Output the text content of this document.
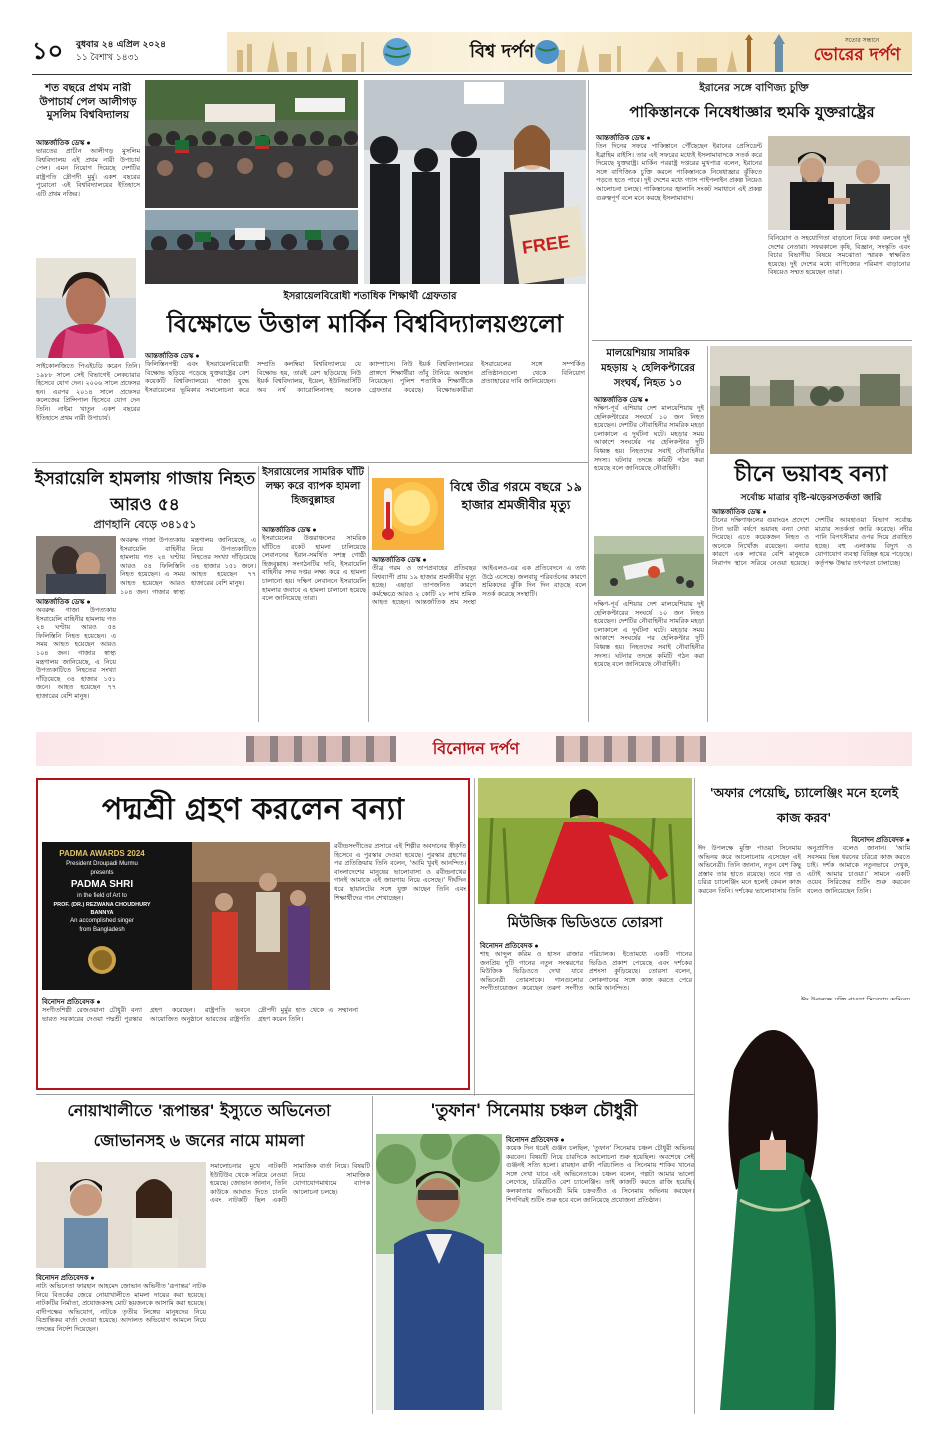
১০	বুধবার ২৪ এপ্রিল ২০২৪
১১ বৈশাখ ১৪৩১	বিশ্ব দর্পণ
সত্যের সন্ধানে
ভোরের দর্পণ
শত বছরে প্রথম নারী উপাচার্য পেল আলীগড় মুসলিম বিশ্ববিদ্যালয়
আন্তর্জাতিক ডেস্ক ●
ভারতের প্রাচীন আলীগড় মুসলিম বিশ্ববিদ্যালয় এই প্রথম নারী উপাচার্য পেল। এমন নিয়োগ দিয়েছে দেশটির রাষ্ট্রপতি দ্রৌপদী মুর্মু। একশ বছরের পুরোনো এই বিশ্ববিদ্যালয়ের ইতিহাসে এটি প্রথম নজির।
সাইকোলজিতে পিএইচডি করেন তিনি। ১৯৮৮ সালে সেই বিভাগেই লেকচারার হিসেবে যোগ দেন। ২০০৬ সালে প্রফেসর হন। এরপর ২০১৪ সালে প্রফেসর কলেজের প্রিন্সিপাল হিসেবে যোগ দেন তিনি। নাইমা খাতুন একশ বছরের ইতিহাসে প্রথম নারী উপাচার্য।
FREE
ইসরায়েলবিরোধী শতাধিক শিক্ষার্থী গ্রেফতার
বিক্ষোভে উত্তাল মার্কিন বিশ্ববিদ্যালয়গুলো
আন্তর্জাতিক ডেস্ক ●
ফিলিস্তিনপন্থী এবং ইসরায়েলবিরোধী বিক্ষোভ ছড়িয়ে পড়েছে যুক্তরাষ্ট্রের বেশ কয়েকটি বিশ্ববিদ্যালয়ে। গাজা যুদ্ধে ইসরায়েলের ভূমিকার সমালোচনা করে সম্প্রতি কলম্বিয়া বিশ্ববিদ্যালয়ে যে বিক্ষোভ হয়, তারই রেশ ছড়িয়েছে নিউ ইয়র্ক বিশ্ববিদ্যালয়, ইয়েল, ইউনিভার্সিটি অব নর্থ ক্যারোলিনাসহ অনেক ক্যাম্পাসে। নিউ ইয়র্ক বিশ্ববিদ্যালয়ের প্রাঙ্গণে শিক্ষার্থীরা তাঁবু টানিয়ে অবস্থান নিয়েছেন। পুলিশ শতাধিক শিক্ষার্থীকে গ্রেফতার করেছে। বিক্ষোভকারীরা ইসরায়েলের সঙ্গে সম্পর্কিত প্রতিষ্ঠানগুলো থেকে বিনিয়োগ প্রত্যাহারের দাবি জানিয়েছেন।
ইরানের সঙ্গে বাণিজ্য চুক্তি
পাকিস্তানকে নিষেধাজ্ঞার হুমকি যুক্তরাষ্ট্রের
আন্তর্জাতিক ডেস্ক ●
তিন দিনের সফরে পাকিস্তানে পৌঁছেছেন ইরানের প্রেসিডেন্ট ইব্রাহিম রাইসি। তার এই সফরের মধ্যেই ইসলামাবাদকে সতর্ক করে দিয়েছে যুক্তরাষ্ট্র। মার্কিন পররাষ্ট্র দপ্তরের মুখপাত্র বলেন, ইরানের সঙ্গে বাণিজ্যিক চুক্তি করলে পাকিস্তানকে নিষেধাজ্ঞার ঝুঁকিতে পড়তে হতে পারে। দুই দেশের মধ্যে গ্যাস পাইপলাইন প্রকল্প নিয়েও আলোচনা চলছে। পাকিস্তানের জ্বালানি সংকট সমাধানে এই প্রকল্প গুরুত্বপূর্ণ বলে মনে করছে ইসলামাবাদ।
বিনিয়োগ ও সহযোগিতা বাড়ানো নিয়ে কথা বলবেন দুই দেশের নেতারা। সফরকালে কৃষি, বিজ্ঞান, সংস্কৃতি এবং বিচার বিভাগীয় বিষয়ে সমঝোতা স্মারক স্বাক্ষরিত হয়েছে। দুই দেশের মধ্যে বাণিজ্যের পরিমাণ বাড়ানোর বিষয়েও সম্মত হয়েছেন তারা।
মালয়েশিয়ায় সামরিক মহড়ায় ২ হেলিকপ্টারের সংঘর্ষ, নিহত ১০
আন্তর্জাতিক ডেস্ক ●
দক্ষিণ-পূর্ব এশিয়ার দেশ মালয়েশিয়ায় দুই হেলিকপ্টারের সংঘর্ষে ১০ জন নিহত হয়েছেন। দেশটির নৌবাহিনীর সামরিক মহড়া চলাকালে এ দুর্ঘটনা ঘটে। মহড়ার সময় আকাশে সংঘর্ষের পর হেলিকপ্টার দুটি বিধ্বস্ত হয়। নিহতদের সবাই নৌবাহিনীর সদস্য। ঘটনার তদন্তে কমিটি গঠন করা হয়েছে বলে জানিয়েছে নৌবাহিনী।
দক্ষিণ-পূর্ব এশিয়ার দেশ মালয়েশিয়ায় দুই হেলিকপ্টারের সংঘর্ষে ১০ জন নিহত হয়েছেন। দেশটির নৌবাহিনীর সামরিক মহড়া চলাকালে এ দুর্ঘটনা ঘটে। মহড়ার সময় আকাশে সংঘর্ষের পর হেলিকপ্টার দুটি বিধ্বস্ত হয়। নিহতদের সবাই নৌবাহিনীর সদস্য। ঘটনার তদন্তে কমিটি গঠন করা হয়েছে বলে জানিয়েছে নৌবাহিনী।
চীনে ভয়াবহ বন্যা
সর্বোচ্চ মাত্রার বৃষ্টি-ঝড়েরসতর্কতা জারি
আন্তর্জাতিক ডেস্ক ●
চীনের দক্ষিণাঞ্চলের গুয়াংডং প্রদেশে টানা ভারী বর্ষণে ভয়াবহ বন্যা দেখা দিয়েছে। এতে কয়েকজন নিহত ও অনেকে নিখোঁজ রয়েছেন। বন্যার কারণে এক লাখের বেশি মানুষকে নিরাপদ স্থানে সরিয়ে নেওয়া হয়েছে। দেশটির আবহাওয়া বিভাগ সর্বোচ্চ মাত্রার সতর্কতা জারি করেছে। নদীর পানি বিপৎসীমার ওপর দিয়ে প্রবাহিত হচ্ছে। বহু এলাকায় বিদ্যুৎ ও যোগাযোগ ব্যবস্থা বিচ্ছিন্ন হয়ে পড়েছে। কর্তৃপক্ষ উদ্ধার তৎপরতা চালাচ্ছে।
ইসরায়েলি হামলায় গাজায় নিহত আরও ৫৪
প্রাণহানি বেড়ে ৩৪১৫১
আন্তর্জাতিক ডেস্ক ●
অবরুদ্ধ গাজা উপত্যকায় ইসরায়েলি বাহিনীর হামলায় গত ২৪ ঘণ্টায় আরও ৫৪ ফিলিস্তিনি নিহত হয়েছেন। এ সময় আহত হয়েছেন আরও ১০৪ জন। গাজার স্বাস্থ্য মন্ত্রণালয় জানিয়েছে, এ নিয়ে উপত্যকাটিতে নিহতের সংখ্যা দাঁড়িয়েছে ৩৪ হাজার ১৫১ জনে। আহত হয়েছেন ৭৭ হাজারের বেশি মানুষ।
অবরুদ্ধ গাজা উপত্যকায় ইসরায়েলি বাহিনীর হামলায় গত ২৪ ঘণ্টায় আরও ৫৪ ফিলিস্তিনি নিহত হয়েছেন। এ সময় আহত হয়েছেন আরও ১০৪ জন। গাজার স্বাস্থ্য মন্ত্রণালয় জানিয়েছে, এ নিয়ে উপত্যকাটিতে নিহতের সংখ্যা দাঁড়িয়েছে ৩৪ হাজার ১৫১ জনে। আহত হয়েছেন ৭৭ হাজারের বেশি মানুষ।
ইসরায়েলের সামরিক ঘাঁটি লক্ষ্য করে ব্যাপক হামলা হিজবুল্লাহর
আন্তর্জাতিক ডেস্ক ●
ইসরায়েলের উত্তরাঞ্চলের সামরিক ঘাঁটিতে রকেট হামলা চালিয়েছে লেবাননের ইরান-সমর্থিত সশস্ত্র গোষ্ঠী হিজবুল্লাহ। সংগঠনটির দাবি, ইসরায়েলি বাহিনীর সদর দপ্তর লক্ষ্য করে এ হামলা চালানো হয়। দক্ষিণ লেবাননে ইসরায়েলি হামলার জবাবে এ হামলা চালানো হয়েছে বলে জানিয়েছে তারা।
বিশ্বে তীব্র গরমে বছরে ১৯ হাজার শ্রমজীবীর মৃত্যু
আন্তর্জাতিক ডেস্ক ●
তীব্র গরম ও তাপপ্রবাহের প্রতিবছর বিশ্বব্যাপী প্রায় ১৯ হাজার শ্রমজীবীর মৃত্যু হচ্ছে। এছাড়া তাপজনিত কারণে কর্মক্ষেত্রে আরও ২ কোটি ২৮ লাখ শ্রমিক আহত হচ্ছেন। আন্তর্জাতিক শ্রম সংস্থা আইএলও-এর এক প্রতিবেদনে এ তথ্য উঠে এসেছে। জলবায়ু পরিবর্তনের কারণে শ্রমিকদের ঝুঁকি দিন দিন বাড়ছে বলে সতর্ক করেছে সংস্থাটি।
বিনোদন দর্পণ
পদ্মশ্রী গ্রহণ করলেন বন্যা
PADMA AWARDS 2024
President Droupadi Murmu
presents
PADMA SHRI
in the field of Art to
PROF. (DR.) REZWANA CHOUDHURY BANNYA
An accomplished singer
from Bangladesh
বিনোদন প্রতিবেদক ●
সংগীতশিল্পী রেজওয়ানা চৌধুরী বন্যা ভারত সরকারের দেওয়া পদ্মশ্রী পুরস্কার গ্রহণ করেছেন। রাষ্ট্রপতি ভবনে আয়োজিত অনুষ্ঠানে ভারতের রাষ্ট্রপতি দ্রৌপদী মুর্মুর হাত থেকে এ সম্মাননা গ্রহণ করেন তিনি।
রবীন্দ্রসংগীতের প্রসারে এই শিল্পীর অবদানের স্বীকৃতি হিসেবে এ পুরস্কার দেওয়া হয়েছে। পুরস্কার গ্রহণের পর প্রতিক্রিয়ায় তিনি বলেন, 'আমি খুবই আনন্দিত। বাংলাদেশের মানুষের ভালোবাসা ও রবীন্দ্রনাথের গানই আমাকে এই জায়গায় নিয়ে এসেছে।' দীর্ঘদিন ধরে ছায়ানটের সঙ্গে যুক্ত আছেন তিনি এবং শিক্ষার্থীদের গান শেখাচ্ছেন।
মিউজিক ভিডিওতে তোরসা
বিনোদন প্রতিবেদক ●
শাহ আব্দুল করিম ও হাসন রাজার জনপ্রিয় দুটি গানের নতুন সংস্করণের মিউজিক ভিডিওতে দেখা যাবে অভিনেত্রী তোরসাকে। গানগুলোর সংগীতায়োজন করেছেন তরুণ সংগীত পরিচালক। ইতোমধ্যে একটি গানের ভিডিও প্রকাশ পেয়েছে এবং দর্শকের প্রশংসা কুড়িয়েছে। তোরসা বলেন, লোকগানের সঙ্গে কাজ করতে পেরে আমি আনন্দিত।
'অফার পেয়েছি, চ্যালেঞ্জিং মনে হলেই কাজ করব'
বিনোদন প্রতিবেদক ●
ঈদ উপলক্ষে মুক্তি পাওয়া সিনেমায় অভিনয় করে আলোচনায় এসেছেন এই অভিনেত্রী। তিনি জানান, নতুন বেশ কিছু প্রস্তাব তার হাতে রয়েছে। তবে গল্প ও চরিত্র চ্যালেঞ্জিং মনে হলেই কেবল কাজ করবেন তিনি। দর্শকের ভালোবাসায় তিনি অনুপ্রাণিত বলেও জানান। 'আমি সবসময় ভিন্ন ধরনের চরিত্রে কাজ করতে চাই। দর্শক আমাকে নতুনভাবে দেখুক, এটাই আমার চাওয়া।' সামনে একটি ওয়েব সিরিজের শুটিং শুরু করবেন বলেও জানিয়েছেন তিনি।
নোয়াখালীতে 'রূপান্তর' ইস্যুতে অভিনেতা জোভানসহ ৬ জনের নামে মামলা
বিনোদন প্রতিবেদক ●
নাট্য অভিনেতা ফারহান আহমেদ জোভান অভিনীত 'রূপান্তর' নাটক নিয়ে বিতর্কের জেরে নোয়াখালীতে মামলা দায়ের করা হয়েছে। নাটকটির নির্মাতা, প্রযোজকসহ মোট ছয়জনকে আসামি করা হয়েছে। বাদীপক্ষের অভিযোগ, নাটকে তৃতীয় লিঙ্গের মানুষদের নিয়ে বিভ্রান্তিকর বার্তা দেওয়া হয়েছে। আদালত অভিযোগ আমলে নিয়ে তদন্তের নির্দেশ দিয়েছেন।
সমালোচনার মুখে নাটকটি ইউটিউব থেকে সরিয়ে নেওয়া হয়েছে। জোভান জানান, তিনি কাউকে আঘাত দিতে চাননি এবং নাটকটি ছিল একটি সামাজিক বার্তা নিয়ে। বিষয়টি নিয়ে সামাজিক যোগাযোগমাধ্যমে ব্যাপক আলোচনা চলছে।
'তুফান' সিনেমায় চঞ্চল চৌধুরী
বিনোদন প্রতিবেদক ●
কয়েক দিন ধরেই গুঞ্জন চলছিল, 'তুফান' সিনেমায় চঞ্চল চৌধুরী অভিনয় করবেন। বিষয়টি নিয়ে চারদিকে আলোচনা শুরু হয়েছিল। অবশেষে সেই গুঞ্জনই সত্যি হলো। রায়হান রাফী পরিচালিত এ সিনেমায় শাকিব খানের সঙ্গে দেখা যাবে এই অভিনেতাকে। চঞ্চল বলেন, গল্পটা আমার ভালো লেগেছে, চরিত্রটিও বেশ চ্যালেঞ্জিং। তাই কাজটি করতে রাজি হয়েছি। কলকাতার অভিনেত্রী মিমি চক্রবর্তীও এ সিনেমায় অভিনয় করছেন। শিগগিরই শুটিং শুরু হবে বলে জানিয়েছে প্রযোজনা প্রতিষ্ঠান।
